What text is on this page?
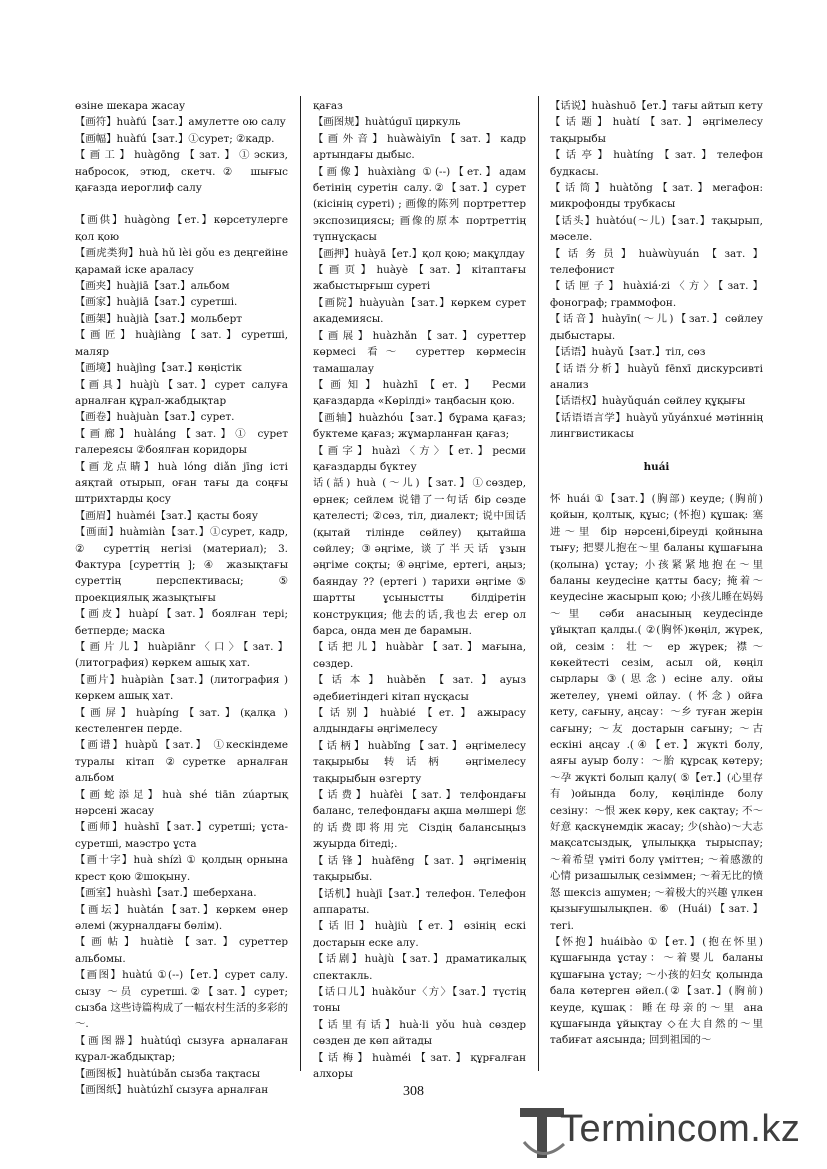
өзіне шекара жасау

【画符】huàfú【зат.】амулетте ою салу

【画幅】huàfú【зат.】①сурет; ②кадр.

【画工】huàgōng【зат.】①эскиз, набросок, этюд, скетч.② шығыс қағазда иероглиф салу

【画供】huàgòng【ет.】көрсетулерге қол қою

【画虎类狗】huà hǔ lèi gǒu ез деңгейіне қарамай іске араласу

【画夹】huàjiā【зат.】альбом

【画家】huàjiā【зат.】суретші.

【画架】huàjià【зат.】мольберт

【画匠】huàjiàng【зат.】суретші, маляр

【画境】huàjìng【зат.】көңістік

【画具】huàjù【зат.】сурет салуға арналған құрал-жабдықтар

【画卷】huàjuàn【зат.】сурет.

【画廊】huàláng【зат.】① сурет галереясы ②боялған коридоры

【画龙点睛】huà lóng diǎn jīng істі аяқтай отырып, оған тағы да соңғы штрихтарды қосу

【画眉】huàméi【зат.】қасты бояу

【画面】huàmiàn【зат.】①сурет, кадр, ② суреттің негізі (материал); 3. Фактура [суреттің ]; ④ жазықтағы суреттің перспективасы; ⑤ проекциялық жазықтығы

【画皮】huàpí【зат.】боялған тері; бетперде; маска

【画片儿】huàpiānr〈口〉【зат.】(литография) көркем ашық хат.

【画片】huàpiàn【зат.】(литография ) көркем ашық хат.

【画屏】huàpíng【зат.】(қалқа ) кестеленген перде.

【画谱】huàpǔ【зат.】 ①кескіндеме туралы кітап ②суретке арналған альбом

【画蛇添足】huà shé tiān zúартық нәрсені жасау

【画师】huàshī【зат.】суретші; ұста-суретші, маэстро ұста

【画十字】huà shízì ① қолдың орнына крест қою ②шоқыну.

【画室】huàshì【зат.】шеберхана.

【画坛】huàtán【зат.】көркем өнер әлемі (журналдағы бөлім).

【画帖】huàtiè【зат.】суреттер альбомы.

【画图】huàtú ①(--)【ет.】сурет салу. сызу ～员 суретші.②【зат.】сурет; сызба 这些诗篇构成了一幅农村生活的多彩的～.

【画图器】huàtúqì сызуға арналаған құрал-жабдықтар;

【画图板】huàtúbǎn сызба тақтасы

【画图纸】huàtúzhǐ сызуға арналған

қағаз

【画图规】huàtúguī циркуль

【画外音】huàwàiyīn【зат.】кадр артындағы дыбыс.

【画像】huàxiàng ①(--)【ет.】адам бетінің суретін салу.②【зат.】сурет (кісінің суреті) ; 画像的陈列 портреттер экспозициясы; 画像的原本 портреттің түпнұсқасы

【画押】huàyā【ет.】қол қою; мақұлдау

【画页】huàyè【зат.】кітаптағы жабыстырғыш суреті

【画院】huàyuàn【зат.】көркем сурет академиясы.

【画展】huàzhǎn【зат.】суреттер көрмесі 看～ суреттер көрмесін тамашалау

【画知】huàzhī【ет.】 Ресми қағаздарда «Көрілді» таңбасын қою.

【画轴】huàzhóu【зат.】бұрама қағаз; буктеме қағаз; жұмарланған қағаз;

【画字】huàzì〈方〉【ет.】ресми қағаздарды бүктеу

话(話) huà (～儿)【зат.】①сөздер, өрнек; сейлем 说错了一句话 бір сөзде қателесті; ②сөз, тіл, диалект; 说中国话 (қытай тілінде сөйлеу) қытайша сөйлеу; ③әңгіме, 谈了半天话 ұзын әңгіме соқты; ④әңгіме, ертегі, аңыз; баяндау ?? (ертегі ) тарихи әңгіме ⑤ шартты ұсыныстты білдіретін конструкция; 他去的话,我也去 егер ол барса, онда мен де барамын.

【话把儿】huàbàr【зат.】мағына, сөздер.

【话本】huàběn【зат.】ауыз әдебиетіндегі кітап нұсқасы

【话别】huàbié【ет.】ажырасу алдындағы әңгімелесу

【话柄】huàbǐng【зат.】әңгімелесу тақырыбы 转话柄 әңгімелесу тақырыбын өзгерту

【话费】huàfèi【зат.】телфондағы баланс, телефондағы ақша мөлшері 您的话费即将用完 Сіздің балансыңыз жуырда бітеді;.

【话锋】huàfēng【зат.】әңгіменің тақырыбы.

【话机】huàjī【зат.】телефон. Телефон аппараты.

【话旧】huàjiù【ет.】өзінің ескі достарын еске алу.

【话剧】huàjù【зат.】драматикалық спектакль.

【话口儿】huàkǒur〈方〉【зат.】түстің тоны

【话里有话】huà·li yǒu huà сөздер сөзден де көп айтады

【话梅】huàméi【зат.】құрғалған алхоры

【话说】huàshuō【ет.】тағы айтып кету

【话题】huàtí【зат.】әңгімелесу тақырыбы

【话亭】huàtíng【зат.】телефон будкасы.

【话筒】huàtǒng【зат.】мегафон: микрофонды трубкасы

【话头】huàtóu(～儿)【зат.】тақырып, мәселе.

【话务员】huàwùyuán【зат.】телефонист

【话匣子】huàxiá·zi〈方〉【зат.】фонограф; граммофон.

【话音】huàyīn(～儿)【зат.】сөйлеу дыбыстары.

【话语】huàyǔ【зат.】тіл, сөз

【话语分析】huàyǔ fēnxī дискурсивті анализ

【话语权】huàyǔquán сөйлеу құқығы

【话语语言学】huàyǔ yǔyánxué мәтіннің лингвистикасы

huái

怀 huái ①【зат.】(胸部) кеуде; (胸前) қойын, қолтық, құыс; (怀抱) құшақ: 塞进～里 бір нәрсені,біреуді қойнына тығу; 把婴儿抱在～里 баланы құшағына (қолына) ұстау; 小孩紧紧地抱在～里 баланы кеудесіне қатты басу; 掩着～ кеудесіне жасырып қою; 小孩儿睡在妈妈～里 сәби анасының кеудесінде ұйықтап қалды.( ②(胸怀)көңіл, жүрек, ой, сезім：壮～ ер жүрек; 襟～көкейтесті сезім, асыл ой, көңіл сырлары ③(思念) есіне алу. ойы жетелеу, үнемі ойлау. (怀念) ойға кету, сағыну, аңсау：～乡 туған жерін сағыну; ～友 достарын сағыну; ～古 ескіні аңсау .(④【ет.】жүкті болу, аяғы ауыр болу：～胎 құрсақ көтеру; ～孕 жүкті болып қалу( ⑤【ет.】(心里存有)ойында болу, көңілінде болу сезіну：～恨 жек көру, кек сақтау; 不～好意 қаскүнемдік жасау; 少(shào)～大志 мақсатсыздық, ұлылыққа тырыспау; ～着希望 үміті болу үміттен; ～着感激的心情 ризашылық сезіммен; ～着无比的愤怒 шексіз ашумен; ～着极大的兴趣 үлкен қызығушылықпен. ⑥ (Huái)【зат.】тегі.

【怀抱】huáibào ①【ет.】(抱在怀里) құшағында ұстау：～着婴儿 баланы құшағына ұстау; ～小孩的妇女 қолында бала көтерген әйел.(②【зат.】(胸前) кеуде, құшақ：睡在母亲的～里 ана құшағында ұйықтау ◇在大自然的～里 табиғат аясында; 回到祖国的～

308
Termincom.kz
